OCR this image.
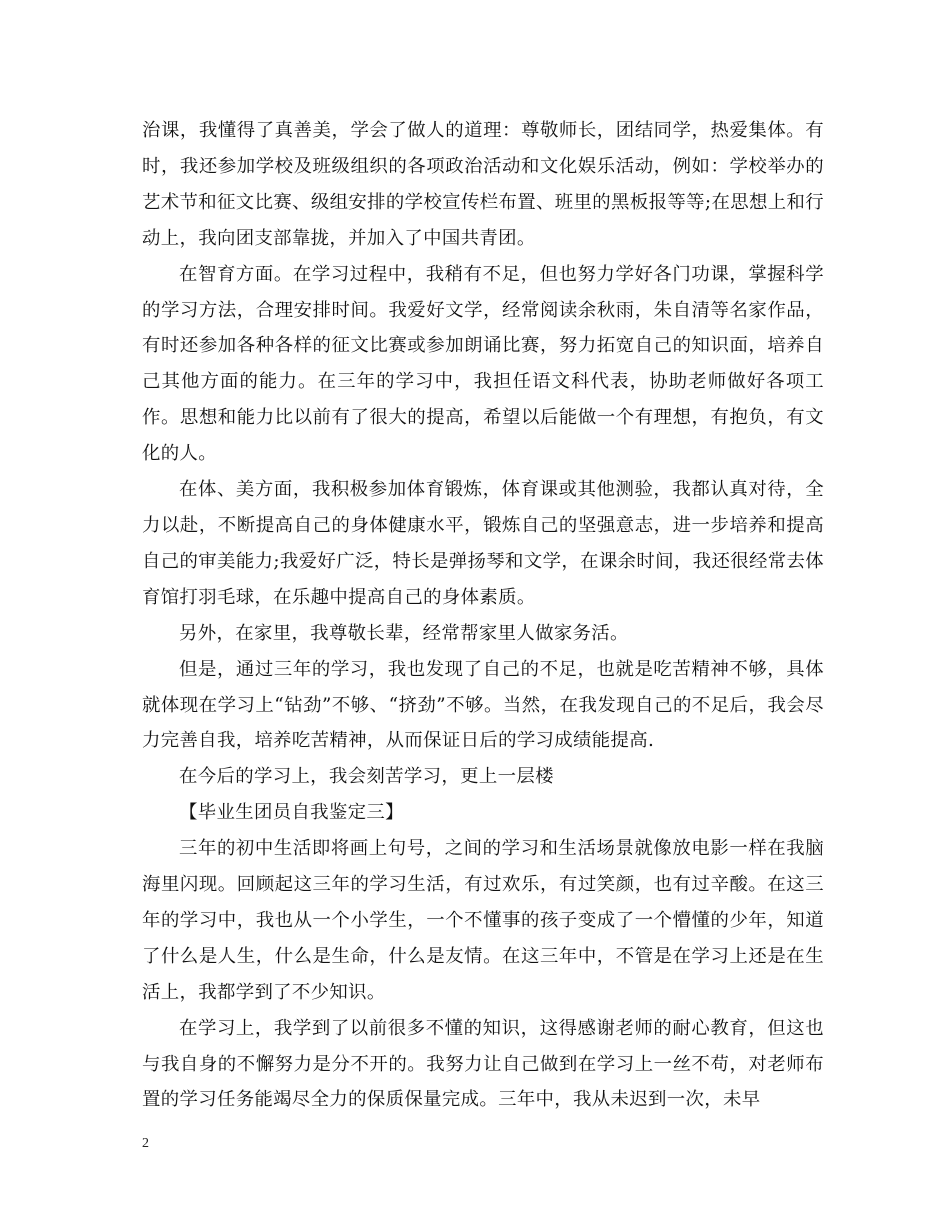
治课，我懂得了真善美，学会了做人的道理：尊敬师长，团结同学，热爱集体。有时，我还参加学校及班级组织的各项政治活动和文化娱乐活动，例如：学校举办的艺术节和征文比赛、级组安排的学校宣传栏布置、班里的黑板报等等;在思想上和行动上，我向团支部靠拢，并加入了中国共青团。

在智育方面。在学习过程中，我稍有不足，但也努力学好各门功课，掌握科学的学习方法，合理安排时间。我爱好文学，经常阅读余秋雨，朱自清等名家作品，有时还参加各种各样的征文比赛或参加朗诵比赛，努力拓宽自己的知识面，培养自己其他方面的能力。在三年的学习中，我担任语文科代表，协助老师做好各项工作。思想和能力比以前有了很大的提高，希望以后能做一个有理想，有抱负，有文化的人。

在体、美方面，我积极参加体育锻炼，体育课或其他测验，我都认真对待，全力以赴，不断提高自己的身体健康水平，锻炼自己的坚强意志，进一步培养和提高自己的审美能力;我爱好广泛，特长是弹扬琴和文学，在课余时间，我还很经常去体育馆打羽毛球，在乐趣中提高自己的身体素质。

另外，在家里，我尊敬长辈，经常帮家里人做家务活。

但是，通过三年的学习，我也发现了自己的不足，也就是吃苦精神不够，具体就体现在学习上“钻劲”不够、“挤劲”不够。当然，在我发现自己的不足后，我会尽力完善自我，培养吃苦精神，从而保证日后的学习成绩能提高.

在今后的学习上，我会刻苦学习，更上一层楼

【毕业生团员自我鉴定三】

三年的初中生活即将画上句号，之间的学习和生活场景就像放电影一样在我脑海里闪现。回顾起这三年的学习生活，有过欢乐，有过笑颜，也有过辛酸。在这三年的学习中，我也从一个小学生，一个不懂事的孩子变成了一个懵懂的少年，知道了什么是人生，什么是生命，什么是友情。在这三年中，不管是在学习上还是在生活上，我都学到了不少知识。

在学习上，我学到了以前很多不懂的知识，这得感谢老师的耐心教育，但这也与我自身的不懈努力是分不开的。我努力让自己做到在学习上一丝不苟，对老师布置的学习任务能竭尽全力的保质保量完成。三年中，我从未迟到一次，未早

2
